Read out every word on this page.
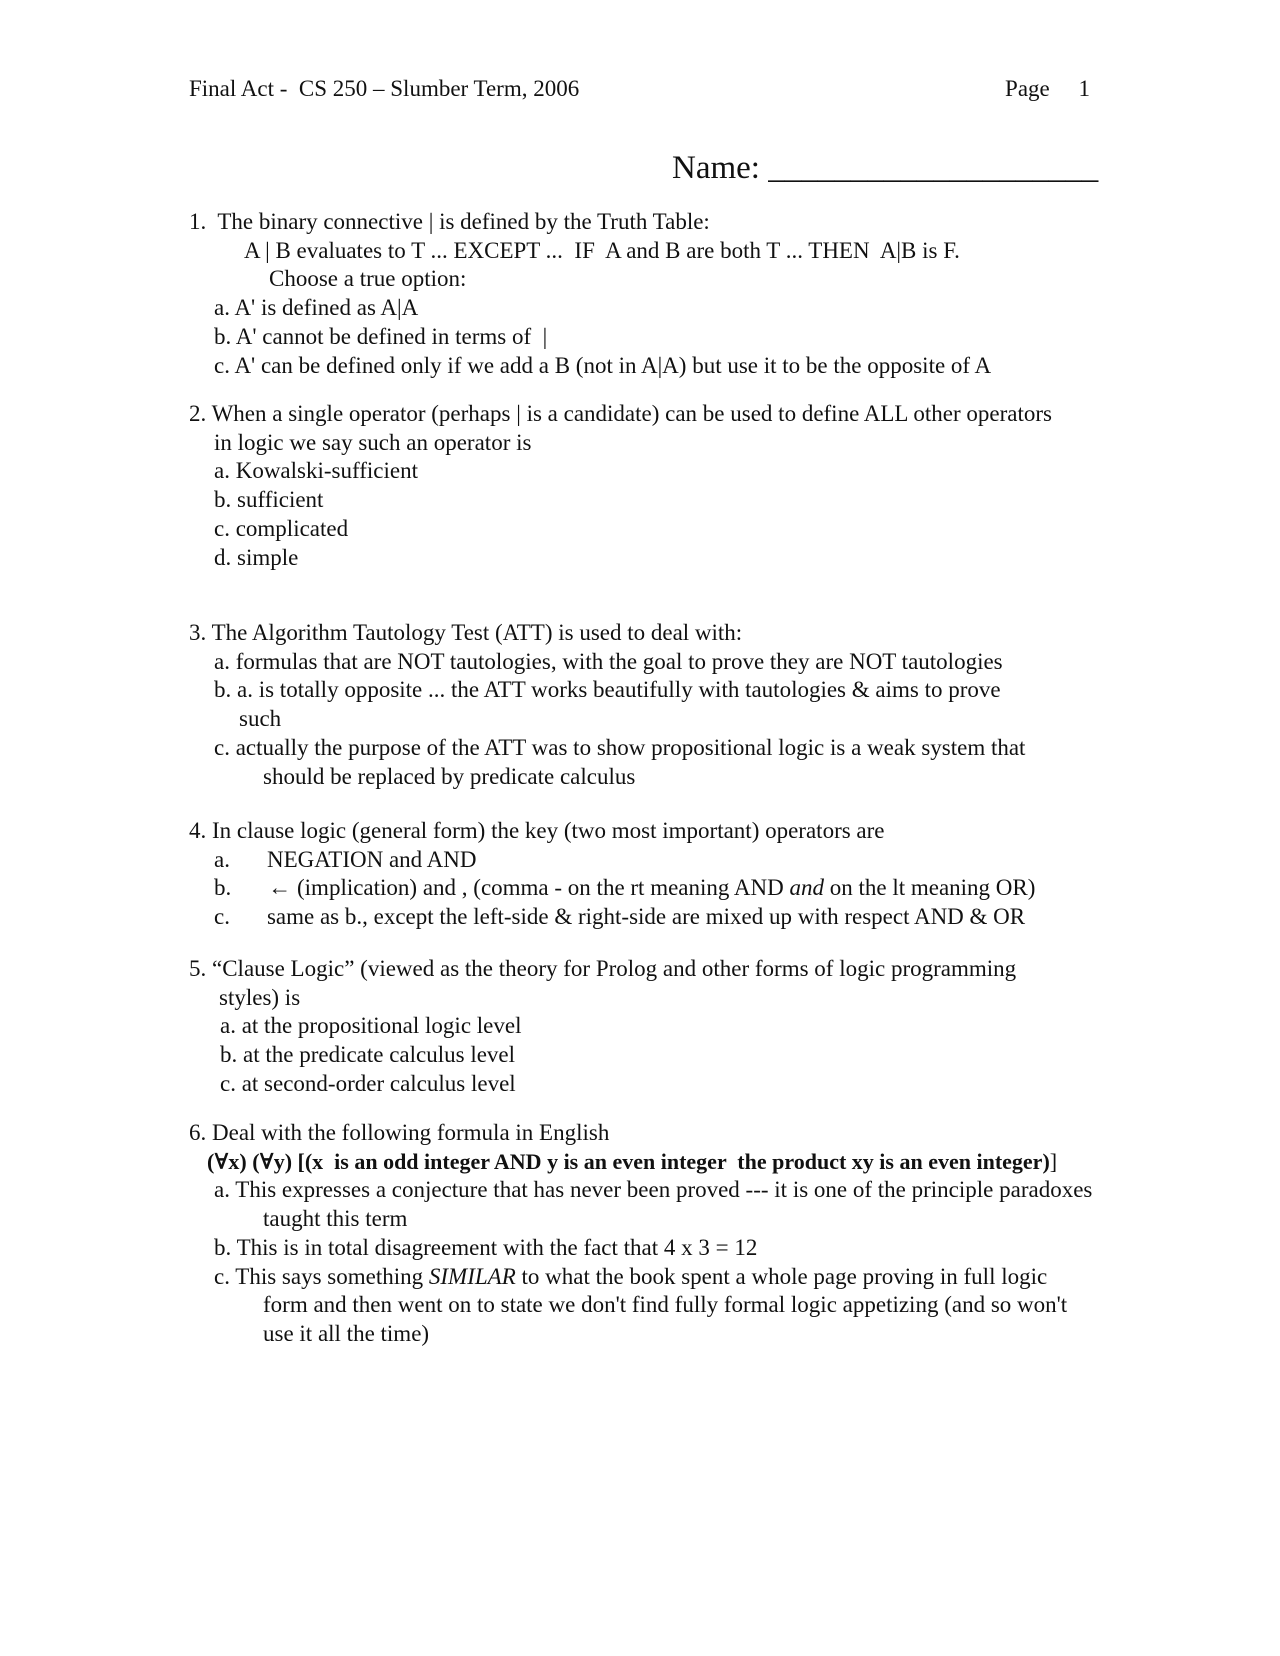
Final Act -  CS 250 – Slumber Term, 2006	Page 1
Name: ____________________
1.  The binary connective | is defined by the Truth Table:
A | B evaluates to T ... EXCEPT ...  IF  A and B are both T ... THEN  A|B is F.
Choose a true option:
a. A' is defined as A|A
b. A' cannot be defined in terms of  |
c. A' can be defined only if we add a B (not in A|A) but use it to be the opposite of A
2. When a single operator (perhaps | is a candidate) can be used to define ALL other operators
in logic we say such an operator is
a. Kowalski-sufficient
b. sufficient
c. complicated
d. simple
3. The Algorithm Tautology Test (ATT) is used to deal with:
a. formulas that are NOT tautologies, with the goal to prove they are NOT tautologies
b. a. is totally opposite ... the ATT works beautifully with tautologies & aims to prove such
c. actually the purpose of the ATT was to show propositional logic is a weak system that should be replaced by predicate calculus
4. In clause logic (general form) the key (two most important) operators are
a. NEGATION and AND
b. ← (implication) and , (comma - on the rt meaning AND and on the lt meaning OR)
c. same as b., except the left-side & right-side are mixed up with respect AND & OR
5. “Clause Logic” (viewed as the theory for Prolog and other forms of logic programming
styles) is
a. at the propositional logic level
b. at the predicate calculus level
c. at second-order calculus level
6. Deal with the following formula in English
(∀x) (∀y) [(x  is an odd integer AND y is an even integer  the product xy is an even integer)]
a. This expresses a conjecture that has never been proved --- it is one of the principle paradoxes taught this term
b. This is in total disagreement with the fact that 4 x 3 = 12
c. This says something SIMILAR to what the book spent a whole page proving in full logic form and then went on to state we don't find fully formal logic appetizing (and so won't use it all the time)
